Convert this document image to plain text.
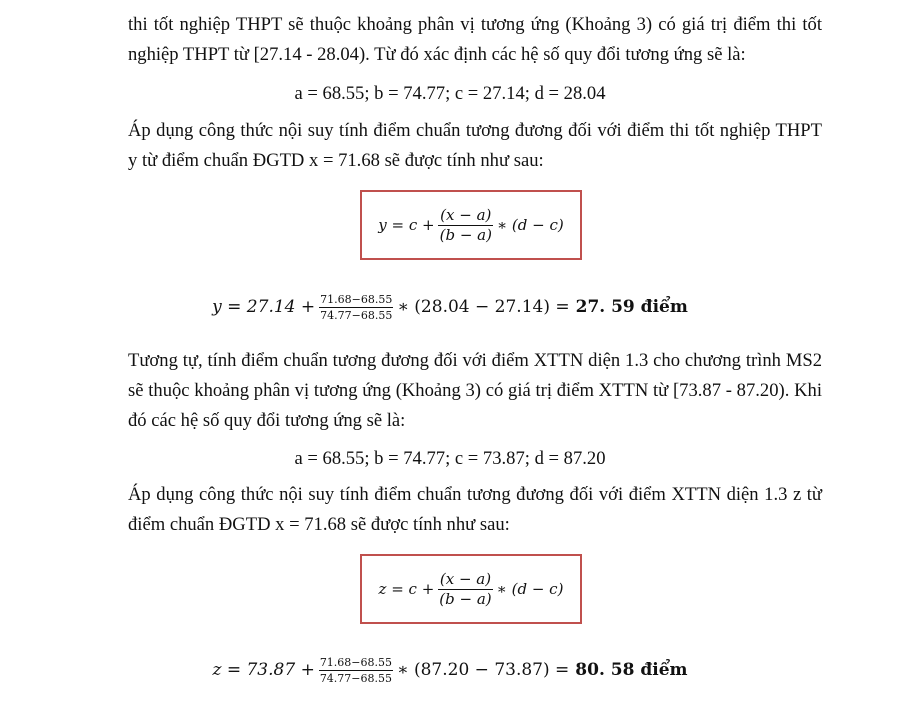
thi tốt nghiệp THPT sẽ thuộc khoảng phân vị tương ứng (Khoảng 3) có giá trị điểm thi tốt nghiệp THPT từ [27.14 - 28.04). Từ đó xác định các hệ số quy đổi tương ứng sẽ là:

a = 68.55; b = 74.77; c = 27.14; d = 28.04

Áp dụng công thức nội suy tính điểm chuẩn tương đương đối với điểm thi tốt nghiệp THPT y từ điểm chuẩn ĐGTD x = 71.68 sẽ được tính như sau:

$y = c + \frac{(x - a)}{(b - a)}$ ∗ (d − c)
$y = 27.14 + \frac{71.68-68.55}{74.77-68.55}$ ∗ (28.04 − 27.14) = 27. 59 điểm

Tương tự, tính điểm chuẩn tương đương đối với điểm XTTN diện 1.3 cho chương trình MS2 sẽ thuộc khoảng phân vị tương ứng (Khoảng 3) có giá trị điểm XTTN từ [73.87 - 87.20). Khi đó các hệ số quy đổi tương ứng sẽ là:

a = 68.55; b = 74.77; c = 73.87; d = 87.20

Áp dụng công thức nội suy tính điểm chuẩn tương đương đối với điểm XTTN diện 1.3 z từ điểm chuẩn ĐGTD x = 71.68 sẽ được tính như sau:

$z = c + \frac{(x - a)}{(b - a)}$ ∗ (d − c)
$z = 73.87 + \frac{71.68-68.55}{74.77-68.55}$ ∗ (87.20 − 73.87) = 80. 58 điểm
